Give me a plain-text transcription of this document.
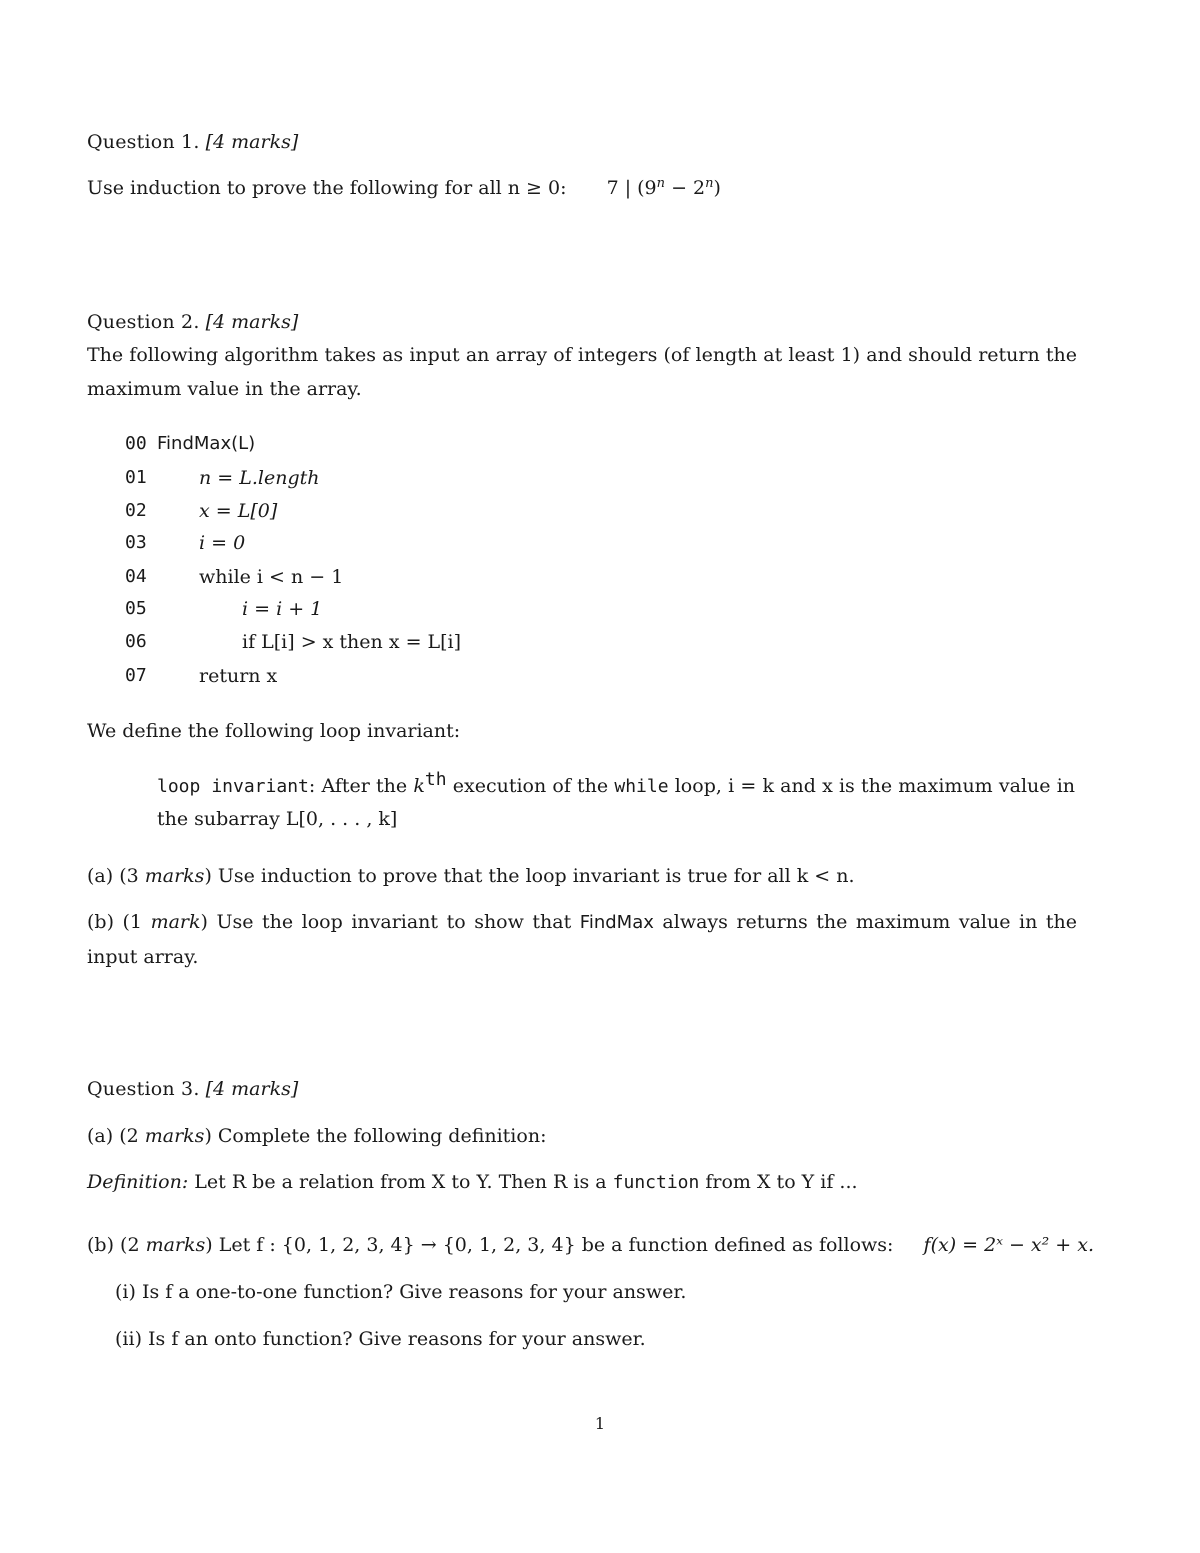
Question 1. [4 marks]
Use induction to prove the following for all n ≥ 0: 7 | $(9^n - 2^n)$
Question 2. [4 marks]
The following algorithm takes as input an array of integers (of length at least 1) and should return the maximum value in the array.
00 FindMax(L)
01	n = L.length
02	x = L[0]
03	i = 0
04	while i < n − 1
05	i = i + 1
06	if L[i] > x then x = L[i]
07	return x
We define the following loop invariant:
loop invariant: After the $k^{th}$ execution of the while loop, i = k and x is the maximum value in the subarray L[0, . . . , k]
(a) (3 marks) Use induction to prove that the loop invariant is true for all k < n.
(b) (1 mark) Use the loop invariant to show that FindMax always returns the maximum value in the input array.
Question 3. [4 marks]
(a) (2 marks) Complete the following definition:
Definition: Let R be a relation from X to Y. Then R is a function from X to Y if ...
(b) (2 marks) Let f : {0, 1, 2, 3, 4} → {0, 1, 2, 3, 4} be a function defined as follows: f(x) = 2ˣ − x² + x.
(i) Is f a one-to-one function? Give reasons for your answer.
(ii) Is f an onto function? Give reasons for your answer.
1
